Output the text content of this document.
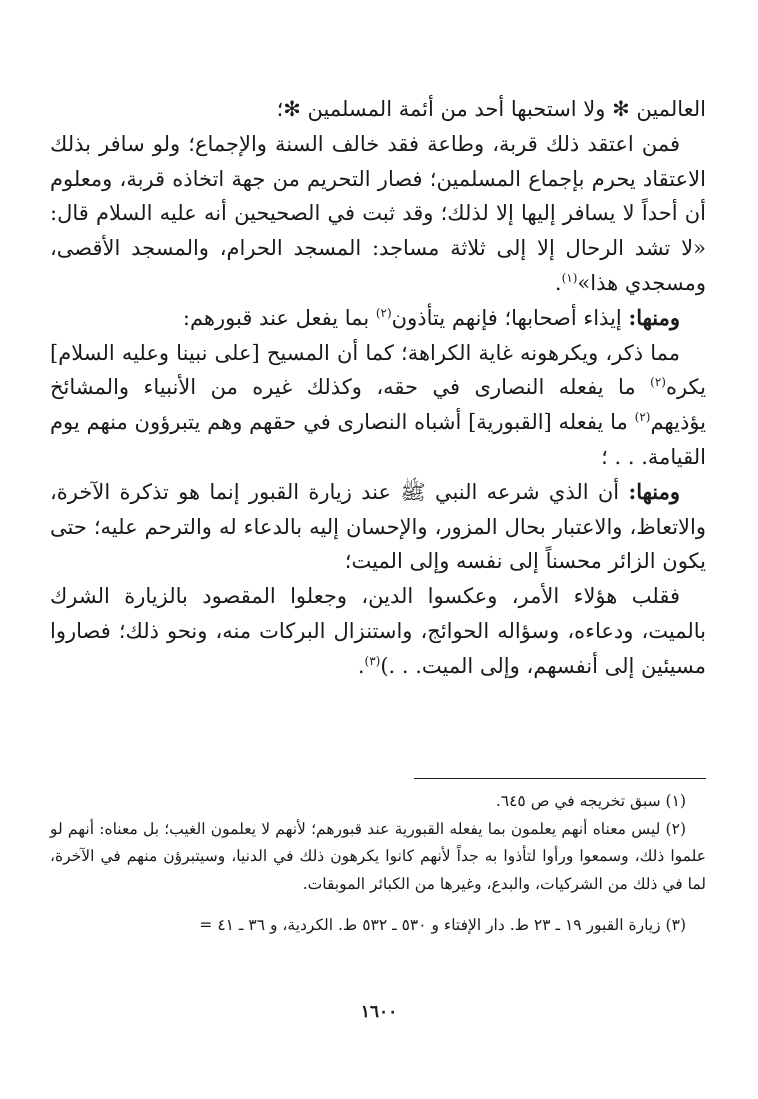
العالمين ✻ ولا استحبها أحد من أئمة المسلمين ✻؛

فمن اعتقد ذلك قربة، وطاعة فقد خالف السنة والإجماع؛ ولو سافر بذلك الاعتقاد يحرم بإجماع المسلمين؛ فصار التحريم من جهة اتخاذه قربة، ومعلوم أن أحداً لا يسافر إليها إلا لذلك؛ وقد ثبت في الصحيحين أنه عليه السلام قال: «لا تشد الرحال إلا إلى ثلاثة مساجد: المسجد الحرام، والمسجد الأقصى، ومسجدي هذا»$^{(١)}$.

ومنها: إيذاء أصحابها؛ فإنهم يتأذون$^{(٢)}$ بما يفعل عند قبورهم:

مما ذكر، ويكرهونه غاية الكراهة؛ كما أن المسيح [على نبينا وعليه السلام] يكره$^{(٢)}$ ما يفعله النصارى في حقه، وكذلك غيره من الأنبياء والمشائخ يؤذيهم$^{(٢)}$ ما يفعله [القبورية] أشباه النصارى في حقهم وهم يتبرؤون منهم يوم القيامة. . . ؛

ومنها: أن الذي شرعه النبي ﷺ عند زيارة القبور إنما هو تذكرة الآخرة، والاتعاظ، والاعتبار بحال المزور، والإحسان إليه بالدعاء له والترحم عليه؛ حتى يكون الزائر محسناً إلى نفسه وإلى الميت؛

فقلب هؤلاء الأمر، وعكسوا الدين، وجعلوا المقصود بالزيارة الشرك بالميت، ودعاءه، وسؤاله الحوائج، واستنزال البركات منه، ونحو ذلك؛ فصاروا مسيئين إلى أنفسهم، وإلى الميت. . .)$^{(٣)}$.

(١) سبق تخريجه في ص ٦٤٥.

(٢) ليس معناه أنهم يعلمون بما يفعله القبورية عند قبورهم؛ لأنهم لا يعلمون الغيب؛ بل معناه: أنهم لو علموا ذلك، وسمعوا ورأوا لتأذوا به جداً لأنهم كانوا يكرهون ذلك في الدنيا، وسيتبرؤن منهم في الآخرة، لما في ذلك من الشركيات، والبدع، وغيرها من الكبائر الموبقات.

(٣) زيارة القبور ١٩ ـ ٢٣ ط. دار الإفتاء و ٥٣٠ ـ ٥٣٢ ط. الكردية، و ٣٦ ـ ٤١ =

١٦٠٠
